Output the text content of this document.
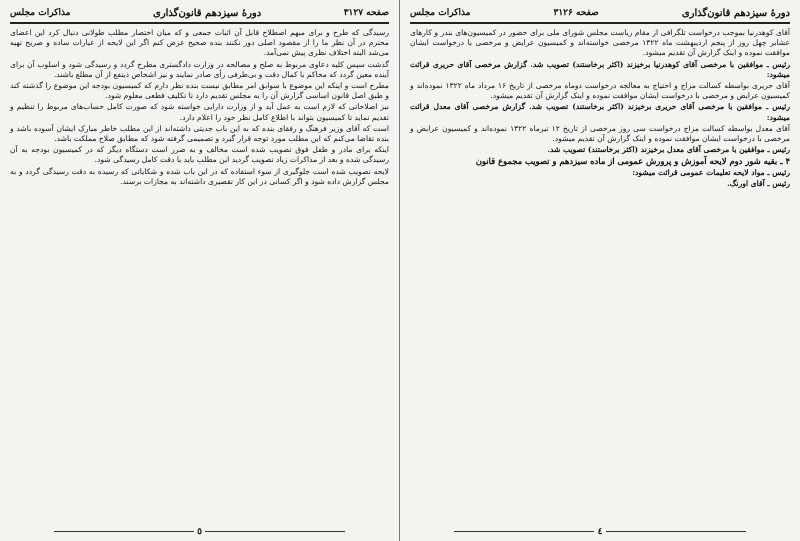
صفحه ۳۱۲۷
دورهٔ سیزدهم قانون‌گذاری
مذاکرات مجلس

رسیدگی که طرح و برای مبهم اصطلاح قابل آن اثبات جمعی و که میان اختصار مطلب طولانی دنبال کرد این اعضای محترم در آن نظر ما را از مقصود اصلی دور نکنند بنده صحیح عرض کنم اگر این لایحه از عبارات ساده و صریح تهیه می‌شد البته اختلاف نظری پیش نمی‌آمد.

گذشت سپس کلیه دعاوی مربوط به صلح و مصالحه در وزارت دادگستری مطرح گردد و رسیدگی شود و اسلوب آن برای آینده معین گردد که محاکم با کمال دقت و بی‌طرفی رأی صادر نمایند و نیز اشخاص ذینفع از آن مطلع باشند.

مطرح است و اینکه این موضوع با سوابق امر مطابق نیست بنده نظر دارم که کمیسیون بودجه این موضوع را گذشته کند و طبق اصل قانون اساسی گزارش آن را به مجلس تقدیم دارد تا تکلیف قطعی معلوم شود.

نیز اصلاحاتی که لازم است به عمل آید و از وزارت دارایی خواسته شود که صورت کامل حساب‌های مربوط را تنظیم و تقدیم نماید تا کمیسیون بتواند با اطلاع کامل نظر خود را اعلام دارد.

است که آقای وزیر فرهنگ و رفقای بنده که به این باب جدیتی داشته‌اند از این مطلب خاطر مبارک ایشان آسوده باشد و بنده تقاضا می‌کنم که این مطلب مورد توجه قرار گیرد و تصمیمی گرفته شود که مطابق صلاح مملکت باشد.

اینکه برای مادر و طفل فوق تصویب شده است مخالف و به ضرر است دستگاه دیگر که در کمیسیون بودجه به آن رسیدگی شده و بعد از مذاکرات زیاد تصویب گردید این مطلب باید با دقت کامل رسیدگی شود.

لایحه تصویب شده است جلوگیری از سوء استفاده که در این باب شده و شکایاتی که رسیده به دقت رسیدگی گردد و به مجلس گزارش داده شود و اگر کسانی در این کار تقصیری داشته‌اند به مجازات برسند.

٥
دورهٔ سیزدهم قانون‌گذاری
صفحه ۳۱۲۶
مذاکرات مجلس

آقای کوهدرنیا بموجب درخواست تلگرافی از مقام ریاست مجلس شورای ملی برای حضور در کمیسیون‌های بندر و کارهای عشایر چهل روز از پنجم اردیبهشت ماه ۱۳۲۲ مرخصی خواسته‌اند و کمیسیون عرایض و مرخصی با درخواست ایشان موافقت نموده و اینک گزارش آن تقدیم میشود.

رئیس ـ موافقین با مرخصی آقای کوهدرنیا برخیزند (اکثر برخاستند) تصویب شد. گزارش مرخصی آقای حریری قرائت میشود:

آقای حریری بواسطه کسالت مزاج و احتیاج به معالجه درخواست دوماه مرخصی از تاریخ ۱۶ مرداد ماه ۱۳۲۲ نموده‌اند و کمیسیون عرایض و مرخصی با درخواست ایشان موافقت نموده و اینک گزارش آن تقدیم میشود.

رئیس ـ موافقین با مرخصی آقای حریری برخیزند (اکثر برخاستند) تصویب شد. گزارش مرخصی آقای معدل قرائت میشود:

آقای معدل بواسطه کسالت مزاج درخواست سی روز مرخصی از تاریخ ۱۲ تیرماه ۱۳۲۲ نموده‌اند و کمیسیون عرایض و مرخصی با درخواست ایشان موافقت نموده و اینک گزارش آن تقدیم میشود.

رئیس ـ موافقین با مرخصی آقای معدل برخیزند (اکثر برخاستند) تصویب شد.

۴ ـ بقیه شور دوم لایحه آموزش و پرورش عمومی از ماده سیزدهم و تصویب مجموع قانون

رئیس ـ مواد لایحه تعلیمات عمومی قرائت میشود:

رئیس ـ آقای اورنگ.

٤
